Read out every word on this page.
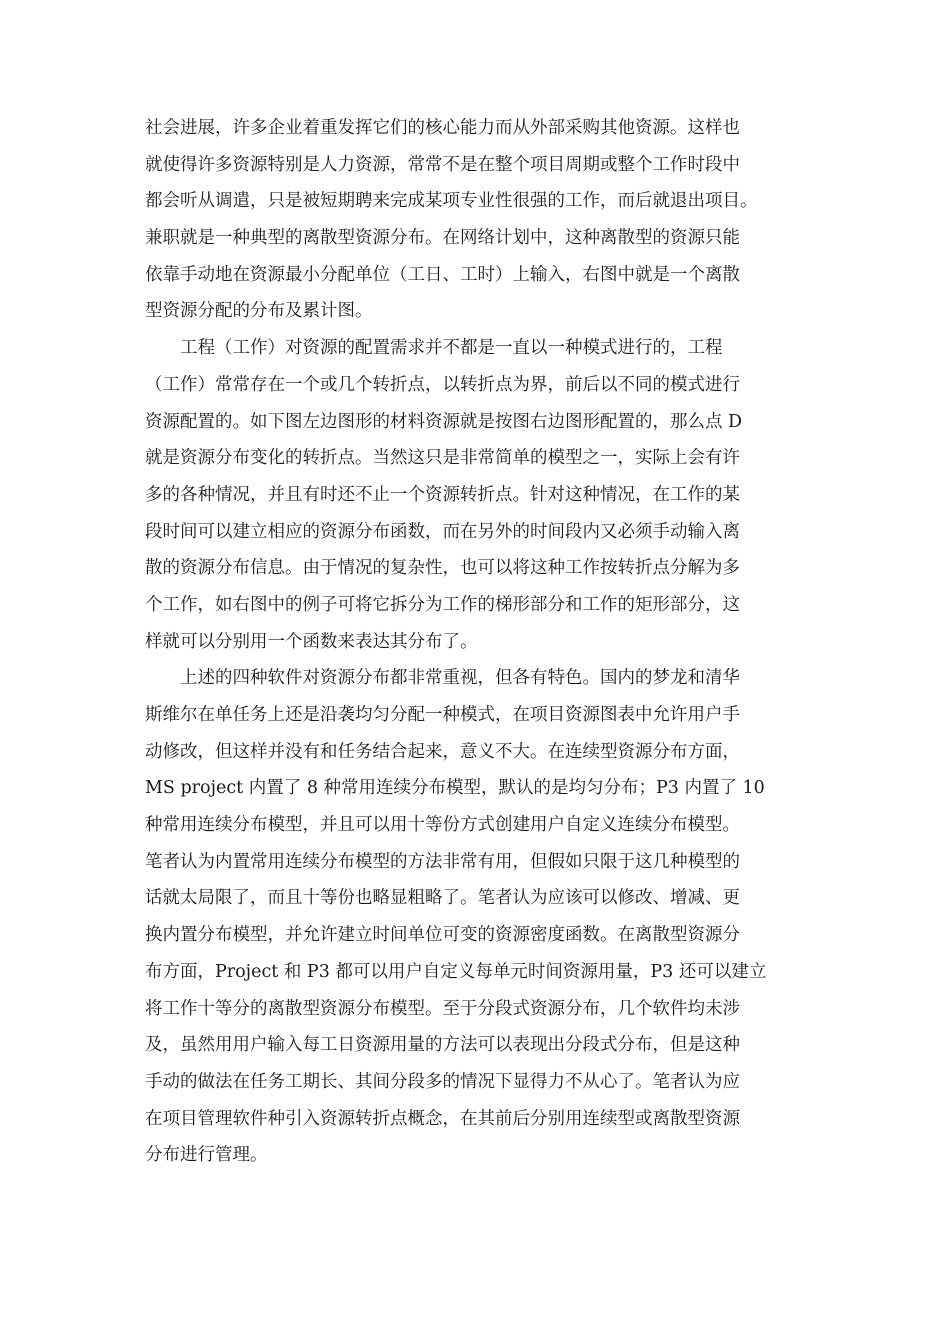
社会进展，许多企业着重发挥它们的核心能力而从外部采购其他资源。这样也
就使得许多资源特别是人力资源，常常不是在整个项目周期或整个工作时段中
都会听从调遣，只是被短期聘来完成某项专业性很强的工作，而后就退出项目。
兼职就是一种典型的离散型资源分布。在网络计划中，这种离散型的资源只能
依靠手动地在资源最小分配单位（工日、工时）上输入，右图中就是一个离散
型资源分配的分布及累计图。
　　工程（工作）对资源的配置需求并不都是一直以一种模式进行的，工程
（工作）常常存在一个或几个转折点，以转折点为界，前后以不同的模式进行
资源配置的。如下图左边图形的材料资源就是按图右边图形配置的，那么点 D
就是资源分布变化的转折点。当然这只是非常简单的模型之一，实际上会有许
多的各种情况，并且有时还不止一个资源转折点。针对这种情况，在工作的某
段时间可以建立相应的资源分布函数，而在另外的时间段内又必须手动输入离
散的资源分布信息。由于情况的复杂性，也可以将这种工作按转折点分解为多
个工作，如右图中的例子可将它拆分为工作的梯形部分和工作的矩形部分，这
样就可以分别用一个函数来表达其分布了。
　　上述的四种软件对资源分布都非常重视，但各有特色。国内的梦龙和清华
斯维尔在单任务上还是沿袭均匀分配一种模式，在项目资源图表中允许用户手
动修改，但这样并没有和任务结合起来，意义不大。在连续型资源分布方面，
MS project 内置了 8 种常用连续分布模型，默认的是均匀分布；P3 内置了 10
种常用连续分布模型，并且可以用十等份方式创建用户自定义连续分布模型。
笔者认为内置常用连续分布模型的方法非常有用，但假如只限于这几种模型的
话就太局限了，而且十等份也略显粗略了。笔者认为应该可以修改、增减、更
换内置分布模型，并允许建立时间单位可变的资源密度函数。在离散型资源分
布方面，Project 和 P3 都可以用户自定义每单元时间资源用量，P3 还可以建立
将工作十等分的离散型资源分布模型。至于分段式资源分布，几个软件均未涉
及，虽然用用户输入每工日资源用量的方法可以表现出分段式分布，但是这种
手动的做法在任务工期长、其间分段多的情况下显得力不从心了。笔者认为应
在项目管理软件种引入资源转折点概念，在其前后分别用连续型或离散型资源
分布进行管理。
